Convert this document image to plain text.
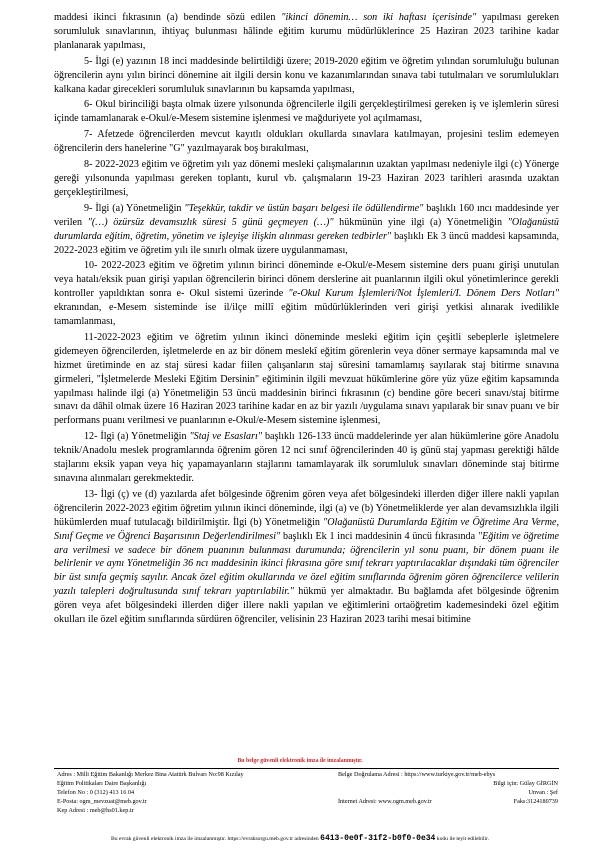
maddesi ikinci fıkrasının (a) bendinde sözü edilen "ikinci dönemin… son iki haftası içerisinde" yapılması gereken sorumluluk sınavlarının, ihtiyaç bulunması hâlinde eğitim kurumu müdürlüklerince 25 Haziran 2023 tarihine kadar planlanarak yapılması,

5- İlgi (e) yazının 18 inci maddesinde belirtildiği üzere; 2019-2020 eğitim ve öğretim yılından sorumluluğu bulunan öğrencilerin aynı yılın birinci dönemine ait ilgili dersin konu ve kazanımlarından sınava tabi tutulmaları ve sorumlulukları kalkana kadar girecekleri sorumluluk sınavlarının bu kapsamda yapılması,

6- Okul birinciliği başta olmak üzere yılsonunda öğrencilerle ilgili gerçekleştirilmesi gereken iş ve işlemlerin süresi içinde tamamlanarak e-Okul/e-Mesem sistemine işlenmesi ve mağduriyete yol açılmaması,

7- Afetzede öğrencilerden mevcut kayıtlı oldukları okullarda sınavlara katılmayan, projesini teslim edemeyen öğrencilerin ders hanelerine "G" yazılmayarak boş bırakılması,

8- 2022-2023 eğitim ve öğretim yılı yaz dönemi mesleki çalışmalarının uzaktan yapılması nedeniyle ilgi (c) Yönerge gereği yılsonunda yapılması gereken toplantı, kurul vb. çalışmaların 19-23 Haziran 2023 tarihleri arasında uzaktan gerçekleştirilmesi,

9- İlgi (a) Yönetmeliğin "Teşekkür, takdir ve üstün başarı belgesi ile ödüllendirme" başlıklı 160 ıncı maddesinde yer verilen "(…) özürsüz devamsızlık süresi 5 günü geçmeyen (…)" hükmünün yine ilgi (a) Yönetmeliğin "Olağanüstü durumlarda eğitim, öğretim, yönetim ve işleyişe ilişkin alınması gereken tedbirler" başlıklı Ek 3 üncü maddesi kapsamında, 2022-2023 eğitim ve öğretim yılı ile sınırlı olmak üzere uygulanmaması,

10- 2022-2023 eğitim ve öğretim yılının birinci döneminde e-Okul/e-Mesem sistemine ders puanı girişi unutulan veya hatalı/eksik puan girişi yapılan öğrencilerin birinci dönem derslerine ait puanlarının ilgili okul yönetimlerince gerekli kontroller yapıldıktan sonra e- Okul sistemi üzerinde "e-Okul Kurum İşlemleri/Not İşlemleri/I. Dönem Ders Notları" ekranından, e-Mesem sisteminde ise il/ilçe millî eğitim müdürlüklerinden veri girişi yetkisi alınarak ivedilikle tamamlanması,

11-2022-2023 eğitim ve öğretim yılının ikinci döneminde mesleki eğitim için çeşitli sebeplerle işletmelere gidemeyen öğrencilerden, işletmelerde en az bir dönem meslekî eğitim görenlerin veya döner sermaye kapsamında mal ve hizmet üretiminde en az staj süresi kadar fiilen çalışanların staj süresini tamamlamış sayılarak staj bitirme sınavına girmeleri, "İşletmelerde Mesleki Eğitim Dersinin" eğitiminin ilgili mevzuat hükümlerine göre yüz yüze eğitim kapsamında yapılması halinde ilgi (a) Yönetmeliğin 53 üncü maddesinin birinci fıkrasının (c) bendine göre beceri sınavı/staj bitirme sınavı da dâhil olmak üzere 16 Haziran 2023 tarihine kadar en az bir yazılı /uygulama sınavı yapılarak bir sınav puanı ve bir performans puanı verilmesi ve puanlarının e-Okul/e-Mesem sistemine işlenmesi,

12- İlgi (a) Yönetmeliğin "Staj ve Esasları" başlıklı 126-133 üncü maddelerinde yer alan hükümlerine göre Anadolu teknik/Anadolu meslek programlarında öğrenim gören 12 nci sınıf öğrencilerinden 40 iş günü staj yapması gerektiği hâlde stajlarını eksik yapan veya hiç yapamayanların stajlarını tamamlayarak ilk sorumluluk sınavları döneminde staj bitirme sınavına alınmaları gerekmektedir.

13- İlgi (ç) ve (d) yazılarda afet bölgesinde öğrenim gören veya afet bölgesindeki illerden diğer illere nakli yapılan öğrencilerin 2022-2023 eğitim öğretim yılının ikinci döneminde, ilgi (a) ve (b) Yönetmeliklerde yer alan devamsızlıkla ilgili hükümlerden muaf tutulacağı bildirilmiştir. İlgi (b) Yönetmeliğin "Olağanüstü Durumlarda Eğitim ve Öğretime Ara Verme, Sınıf Geçme ve Öğrenci Başarısının Değerlendirilmesi" başlıklı Ek 1 inci maddesinin 4 üncü fıkrasında "Eğitim ve öğretime ara verilmesi ve sadece bir dönem puanının bulunması durumunda; öğrencilerin yıl sonu puanı, bir dönem puanı ile belirlenir ve aynı Yönetmeliğin 36 ncı maddesinin ikinci fıkrasına göre sınıf tekrarı yaptırılacaklar dışındaki tüm öğrenciler bir üst sınıfa geçmiş sayılır. Ancak özel eğitim okullarında ve özel eğitim sınıflarında öğrenim gören öğrencilerce velilerin yazılı talepleri doğrultusunda sınıf tekrarı yaptırılabilir." hükmü yer almaktadır. Bu bağlamda afet bölgesinde öğrenim gören veya afet bölgesindeki illerden diğer illere nakli yapılan ve eğitimlerini ortaöğretim kademesindeki özel eğitim okulları ile özel eğitim sınıflarında sürdüren öğrenciler, velisinin 23 Haziran 2023 tarihi mesai bitimine

Bu belge güvenli elektronik imza ile imzalanmıştır.
Adres : Milli Eğitim Bakanlığı Merkez Bina Atatürk Bulvarı No:98 Kızılay
Eğitim Politikaları Daire Başkanlığı
Telefon No : 0 (312) 413 16 04
E-Posta: ogm_mevzuat@meb.gov.tr
Kep Adresi : meb@hs01.kep.tr
Belge Doğrulama Adresi : https://www.turkiye.gov.tr/meb-ebys
Bilgi için: Gülay GİRGİN
Unvan : Şef
İnternet Adresi: www.ogm.meb.gov.tr	Faks:3124180739
Bu evrak güvenli elektronik imza ile imzalanmıştır. https://evraksorgu.meb.gov.tr adresinden 6413-0e0f-31f2-b0f0-0e34 kodu ile teyit edilebilir.
